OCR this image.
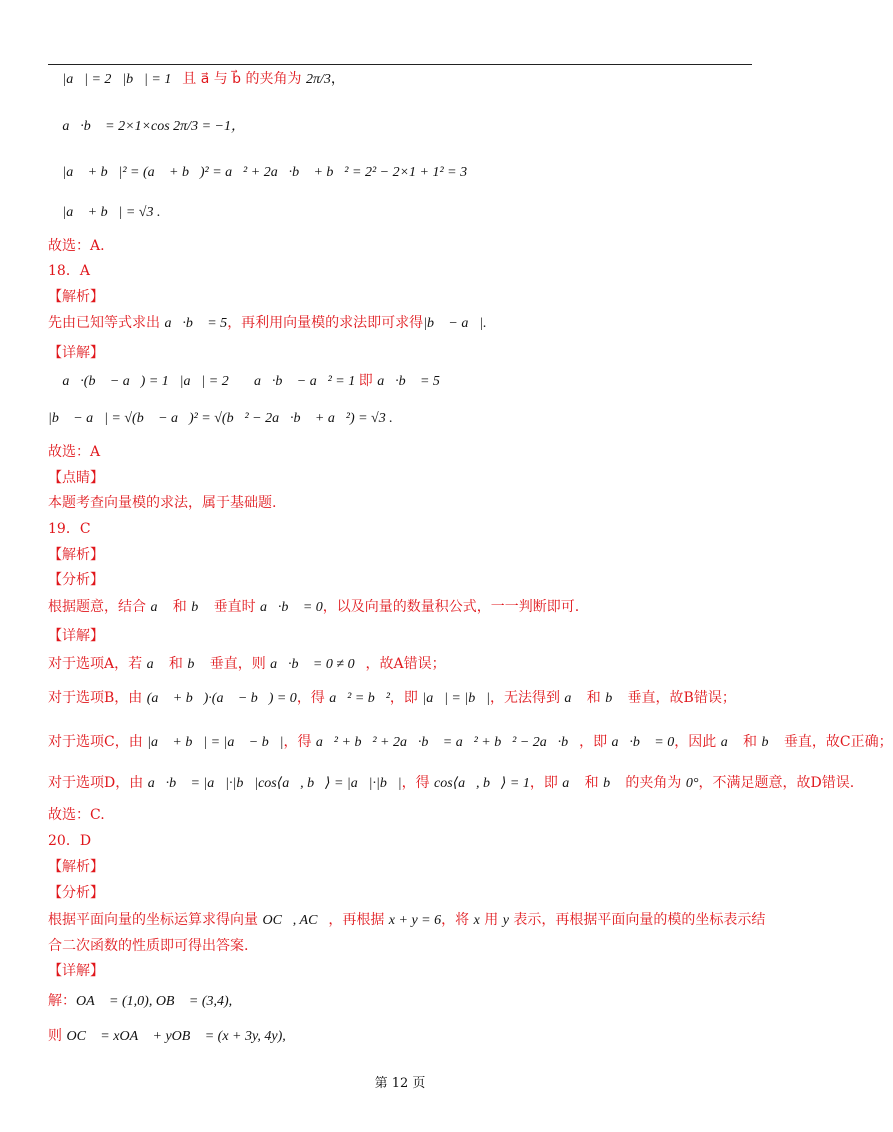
∵ |a⃗| = 2，|b⃗| = 1，且 a⃗ 与 b⃗ 的夹角为 2π/3，
∴ a⃗·b⃗ = 2×1×cos 2π/3 = −1，
∴ |a⃗ + b⃗|² = (a⃗ + b⃗)² = a⃗² + 2a⃗·b⃗ + b⃗² = 2² − 2×1 + 1² = 3，
∴ |a⃗ + b⃗| = √3 .
故选：A.
18．A
【解析】
先由已知等式求出 a⃗·b⃗ = 5，再利用向量模的求法即可求得|b⃗ − a⃗|.
【详解】
∵ a⃗·(b⃗ − a⃗) = 1，|a⃗| = 2，∴ a⃗·b⃗ − a⃗² = 1 即 a⃗·b⃗ = 5，
|b⃗ − a⃗| = √(b⃗ − a⃗)² = √(b⃗² − 2a⃗·b⃗ + a⃗²) = √3 .
故选：A
【点睛】
本题考查向量模的求法，属于基础题.
19．C
【解析】
【分析】
根据题意，结合 a⃗ 和 b⃗ 垂直时 a⃗·b⃗ = 0，以及向量的数量积公式，一一判断即可.
【详解】
对于选项A，若 a⃗ 和 b⃗ 垂直，则 a⃗·b⃗ = 0 ≠ 0⃗，故A错误；
对于选项B，由 (a⃗ + b⃗)·(a⃗ − b⃗) = 0，得 a⃗² = b⃗²，即 |a⃗| = |b⃗|，无法得到 a⃗ 和 b⃗ 垂直，故B错误；
对于选项C，由 |a⃗ + b⃗| = |a⃗ − b⃗|，得 a⃗² + b⃗² + 2a⃗·b⃗ = a⃗² + b⃗² − 2a⃗·b⃗，即 a⃗·b⃗ = 0，因此 a⃗ 和 b⃗ 垂直，故C正确；
对于选项D，由 a⃗·b⃗ = |a⃗|·|b⃗|cos⟨a⃗, b⃗⟩ = |a⃗|·|b⃗|，得 cos⟨a⃗, b⃗⟩ = 1，即 a⃗ 和 b⃗ 的夹角为 0°，不满足题意，故D错误.
故选：C.
20．D
【解析】
【分析】
根据平面向量的坐标运算求得向量 OC⃗, AC⃗，再根据 x + y = 6，将 x 用 y 表示，再根据平面向量的模的坐标表示结
合二次函数的性质即可得出答案.
【详解】
解：OA⃗ = (1,0), OB⃗ = (3,4),
则 OC⃗ = xOA⃗ + yOB⃗ = (x + 3y, 4y),
第 12 页
